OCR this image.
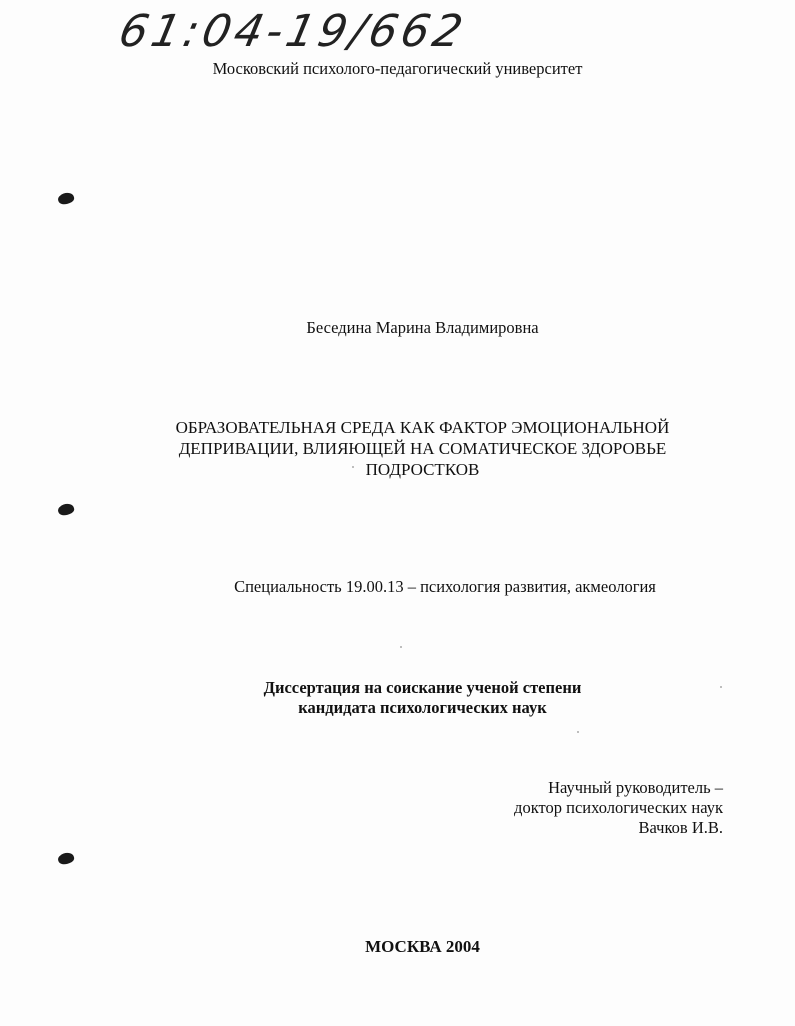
61:04-19/662

Московский психолого-педагогический университет

Беседина Марина Владимировна

ОБРАЗОВАТЕЛЬНАЯ СРЕДА КАК ФАКТОР ЭМОЦИОНАЛЬНОЙ
ДЕПРИВАЦИИ, ВЛИЯЮЩЕЙ НА СОМАТИЧЕСКОЕ ЗДОРОВЬЕ
ПОДРОСТКОВ

Специальность 19.00.13 – психология развития, акмеология

Диссертация на соискание ученой степени
кандидата психологических наук
Научный руководитель –
доктор психологических наук
Вачков И.В.

МОСКВА 2004
